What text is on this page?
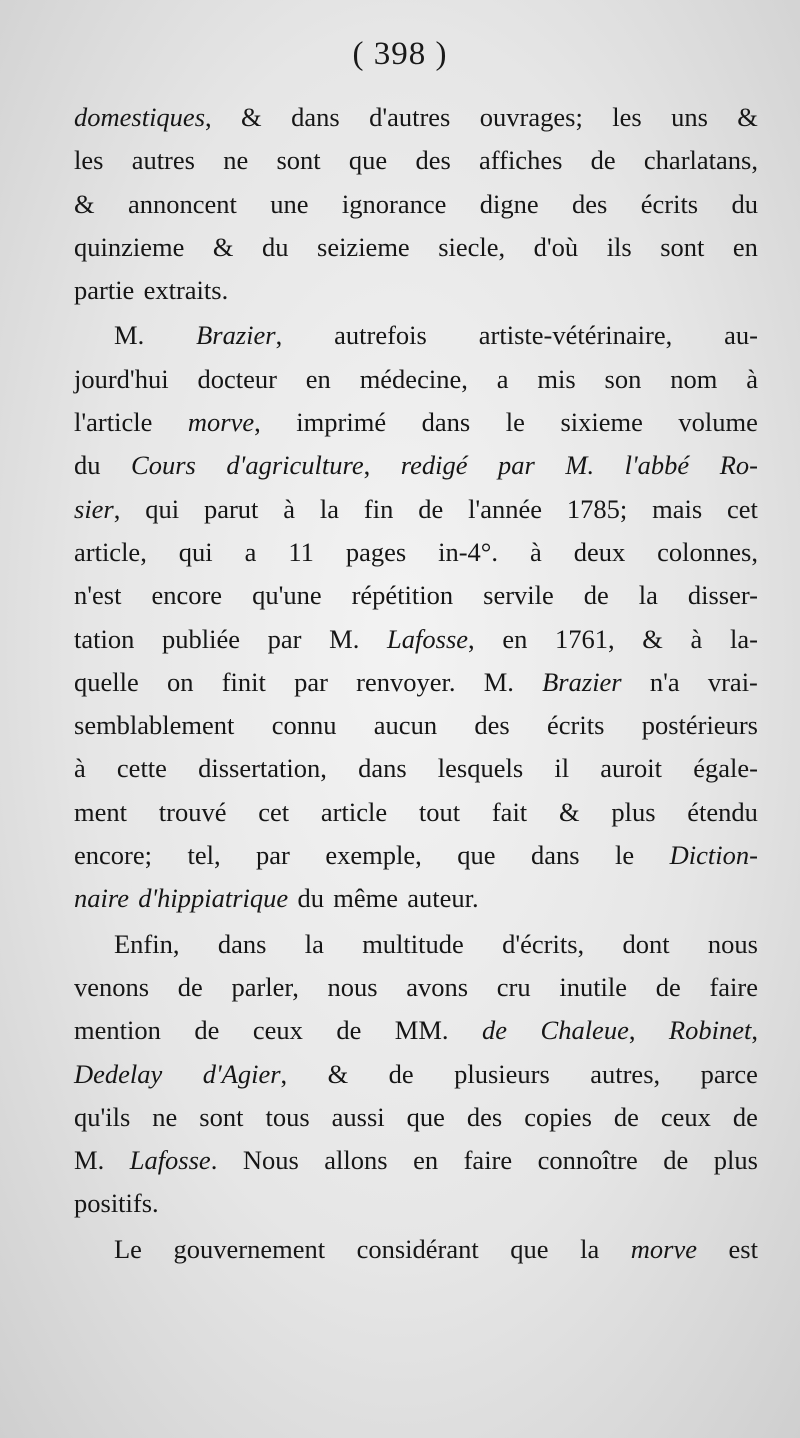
( 398 )
domestiques, & dans d'autres ouvrages; les uns &
les autres ne sont que des affiches de charlatans,
& annoncent une ignorance digne des écrits du
quinzieme & du seizieme siecle, d'où ils sont en
partie extraits.
M. Brazier, autrefois artiste-vétérinaire, au-
jourd'hui docteur en médecine, a mis son nom à
l'article morve, imprimé dans le sixieme volume
du Cours d'agriculture, redigé par M. l'abbé Ro-
sier, qui parut à la fin de l'année 1785; mais cet
article, qui a 11 pages in-4°. à deux colonnes,
n'est encore qu'une répétition servile de la disser-
tation publiée par M. Lafosse, en 1761, & à la-
quelle on finit par renvoyer. M. Brazier n'a vrai-
semblablement connu aucun des écrits postérieurs
à cette dissertation, dans lesquels il auroit égale-
ment trouvé cet article tout fait & plus étendu
encore; tel, par exemple, que dans le Diction-
naire d'hippiatrique du même auteur.
Enfin, dans la multitude d'écrits, dont nous
venons de parler, nous avons cru inutile de faire
mention de ceux de MM. de Chaleue, Robinet,
Dedelay d'Agier, & de plusieurs autres, parce
qu'ils ne sont tous aussi que des copies de ceux de
M. Lafosse. Nous allons en faire connoître de plus
positifs.
Le gouvernement considérant que la morve est
